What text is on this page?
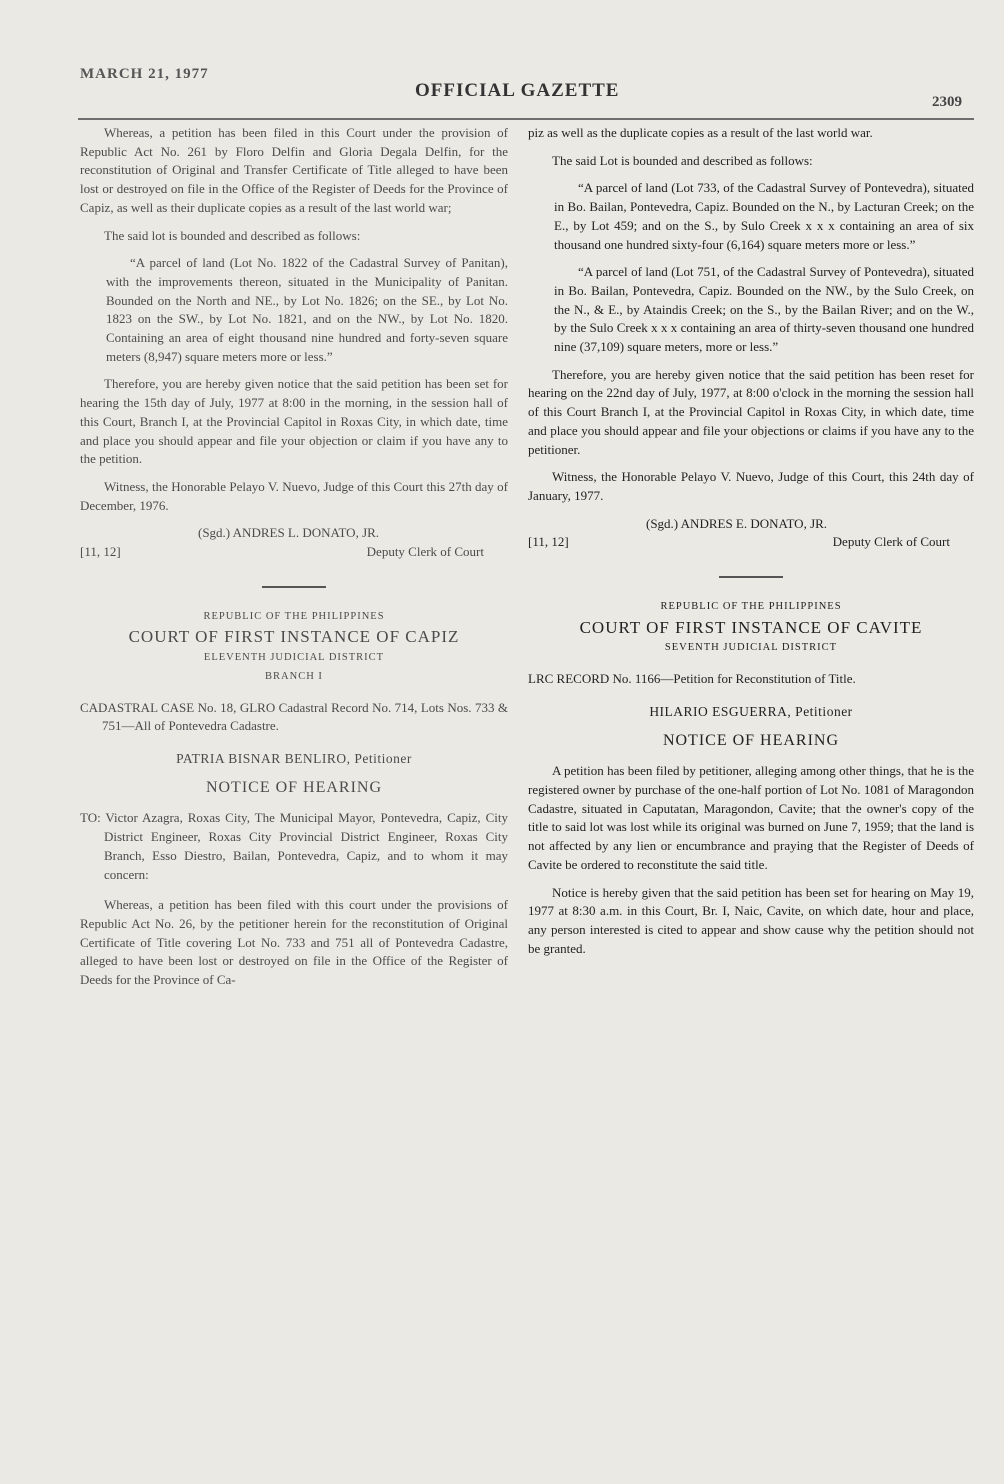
MARCH 21, 1977
OFFICIAL GAZETTE
2309

Whereas, a petition has been filed in this Court under the provision of Republic Act No. 261 by Floro Delfin and Gloria Degala Delfin, for the reconstitution of Original and Transfer Certificate of Title alleged to have been lost or destroyed on file in the Office of the Register of Deeds for the Province of Capiz, as well as their duplicate copies as a result of the last world war;

The said lot is bounded and described as follows:

“A parcel of land (Lot No. 1822 of the Cadastral Survey of Panitan), with the improvements thereon, situated in the Municipality of Panitan. Bounded on the North and NE., by Lot No. 1826; on the SE., by Lot No. 1823 on the SW., by Lot No. 1821, and on the NW., by Lot No. 1820. Containing an area of eight thousand nine hundred and forty-seven square meters (8,947) square meters more or less.”

Therefore, you are hereby given notice that the said petition has been set for hearing the 15th day of July, 1977 at 8:00 in the morning, in the session hall of this Court, Branch I, at the Provincial Capitol in Roxas City, in which date, time and place you should appear and file your objection or claim if you have any to the petition.

Witness, the Honorable Pelayo V. Nuevo, Judge of this Court this 27th day of December, 1976.

(Sgd.) ANDRES L. DONATO, JR.

[11, 12]	Deputy Clerk of Court

REPUBLIC OF THE PHILIPPINES

COURT OF FIRST INSTANCE OF CAPIZ

ELEVENTH JUDICIAL DISTRICT

BRANCH I

CADASTRAL CASE No. 18, GLRO Cadastral Record No. 714, Lots Nos. 733 & 751—All of Pontevedra Cadastre.

PATRIA BISNAR BENLIRO, Petitioner

NOTICE OF HEARING

TO: Victor Azagra, Roxas City, The Municipal Mayor, Pontevedra, Capiz, City District Engineer, Roxas City Provincial District Engineer, Roxas City Branch, Esso Diestro, Bailan, Pontevedra, Capiz, and to whom it may concern:

Whereas, a petition has been filed with this court under the provisions of Republic Act No. 26, by the petitioner herein for the reconstitution of Original Certificate of Title covering Lot No. 733 and 751 all of Pontevedra Cadastre, alleged to have been lost or destroyed on file in the Office of the Register of Deeds for the Province of Ca-

piz as well as the duplicate copies as a result of the last world war.

The said Lot is bounded and described as follows:

“A parcel of land (Lot 733, of the Cadastral Survey of Pontevedra), situated in Bo. Bailan, Pontevedra, Capiz. Bounded on the N., by Lacturan Creek; on the E., by Lot 459; and on the S., by Sulo Creek x x x containing an area of six thousand one hundred sixty-four (6,164) square meters more or less.”

“A parcel of land (Lot 751, of the Cadastral Survey of Pontevedra), situated in Bo. Bailan, Pontevedra, Capiz. Bounded on the NW., by the Sulo Creek, on the N., & E., by Ataindis Creek; on the S., by the Bailan River; and on the W., by the Sulo Creek x x x containing an area of thirty-seven thousand one hundred nine (37,109) square meters, more or less.”

Therefore, you are hereby given notice that the said petition has been reset for hearing on the 22nd day of July, 1977, at 8:00 o'clock in the morning the session hall of this Court Branch I, at the Provincial Capitol in Roxas City, in which date, time and place you should appear and file your objections or claims if you have any to the petitioner.

Witness, the Honorable Pelayo V. Nuevo, Judge of this Court, this 24th day of January, 1977.

(Sgd.) ANDRES E. DONATO, JR.

[11, 12]	Deputy Clerk of Court

REPUBLIC OF THE PHILIPPINES

COURT OF FIRST INSTANCE OF CAVITE

SEVENTH JUDICIAL DISTRICT

LRC RECORD No. 1166—Petition for Reconstitution of Title.

HILARIO ESGUERRA, Petitioner

NOTICE OF HEARING

A petition has been filed by petitioner, alleging among other things, that he is the registered owner by purchase of the one-half portion of Lot No. 1081 of Maragondon Cadastre, situated in Caputatan, Maragondon, Cavite; that the owner's copy of the title to said lot was lost while its original was burned on June 7, 1959; that the land is not affected by any lien or encumbrance and praying that the Register of Deeds of Cavite be ordered to reconstitute the said title.

Notice is hereby given that the said petition has been set for hearing on May 19, 1977 at 8:30 a.m. in this Court, Br. I, Naic, Cavite, on which date, hour and place, any person interested is cited to appear and show cause why the petition should not be granted.
